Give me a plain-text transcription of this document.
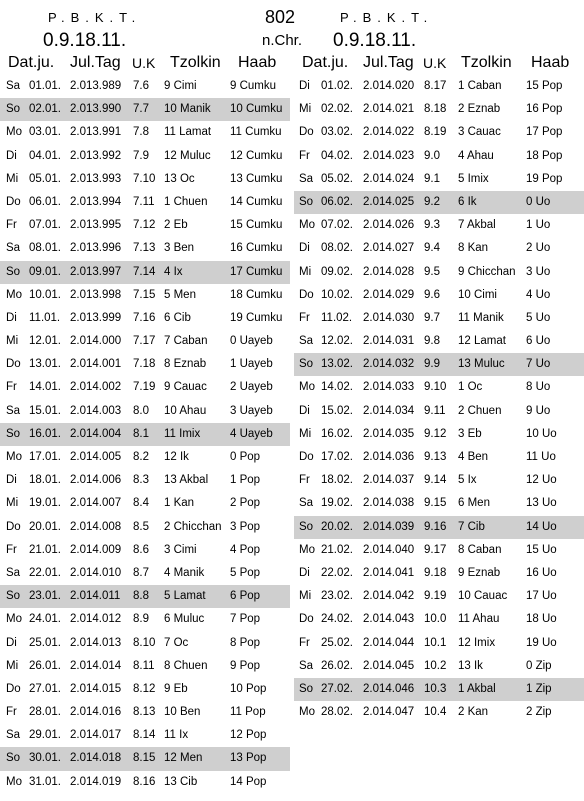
P.B.K.T.
0.9.18.11.
802
n.Chr.
P.B.K.T.
0.9.18.11.
Dat.ju. Jul.Tag U.K Tzolkin Haab Dat.ju. Jul.Tag U.K Tzolkin Haab
Sa 01.01. 2.013.989 7.6 9 Cimi	9 Cumku
So 02.01. 2.013.990 7.7 10 Manik	10 Cumku
Mo 03.01. 2.013.991 7.8 11 Lamat	11 Cumku
Di 04.01. 2.013.992 7.9 12 Muluc	12 Cumku
Mi 05.01. 2.013.993 7.10 13 Oc	13 Cumku
Do 06.01. 2.013.994 7.11 1 Chuen	14 Cumku
Fr 07.01. 2.013.995 7.12 2 Eb	15 Cumku
Sa 08.01. 2.013.996 7.13 3 Ben	16 Cumku
So 09.01. 2.013.997 7.14 4 Ix	17 Cumku
Mo 10.01. 2.013.998 7.15 5 Men	18 Cumku
Di 11.01. 2.013.999 7.16 6 Cib	19 Cumku
Mi 12.01. 2.014.000 7.17 7 Caban	0 Uayeb
Do 13.01. 2.014.001 7.18 8 Eznab	1 Uayeb
Fr 14.01. 2.014.002 7.19 9 Cauac	2 Uayeb
Sa 15.01. 2.014.003 8.0 10 Ahau	3 Uayeb
So 16.01. 2.014.004 8.1 11 Imix	4 Uayeb
Mo 17.01. 2.014.005 8.2 12 Ik	0 Pop
Di 18.01. 2.014.006 8.3 13 Akbal	1 Pop
Mi 19.01. 2.014.007 8.4 1 Kan	2 Pop
Do 20.01. 2.014.008 8.5 2 Chicchan 3 Pop
Fr 21.01. 2.014.009 8.6 3 Cimi	4 Pop
Sa 22.01. 2.014.010 8.7 4 Manik	5 Pop
So 23.01. 2.014.011 8.8 5 Lamat	6 Pop
Mo 24.01. 2.014.012 8.9 6 Muluc	7 Pop
Di 25.01. 2.014.013 8.10 7 Oc	8 Pop
Mi 26.01. 2.014.014 8.11 8 Chuen	9 Pop
Do 27.01. 2.014.015 8.12 9 Eb	10 Pop
Fr 28.01. 2.014.016 8.13 10 Ben	11 Pop
Sa 29.01. 2.014.017 8.14 11 Ix	12 Pop
So 30.01. 2.014.018 8.15 12 Men	13 Pop
Mo 31.01. 2.014.019 8.16 13 Cib	14 Pop
Di 01.02. 2.014.020 8.17 1 Caban	15 Pop
Mi 02.02. 2.014.021 8.18 2 Eznab	16 Pop
Do 03.02. 2.014.022 8.19 3 Cauac	17 Pop
Fr 04.02. 2.014.023 9.0 4 Ahau	18 Pop
Sa 05.02. 2.014.024 9.1 5 Imix	19 Pop
So 06.02. 2.014.025 9.2 6 Ik	0 Uo
Mo 07.02. 2.014.026 9.3 7 Akbal	1 Uo
Di 08.02. 2.014.027 9.4 8 Kan	2 Uo
Mi 09.02. 2.014.028 9.5 9 Chicchan 3 Uo
Do 10.02. 2.014.029 9.6 10 Cimi	4 Uo
Fr 11.02. 2.014.030 9.7 11 Manik	5 Uo
Sa 12.02. 2.014.031 9.8 12 Lamat	6 Uo
So 13.02. 2.014.032 9.9 13 Muluc	7 Uo
Mo 14.02. 2.014.033 9.10 1 Oc	8 Uo
Di 15.02. 2.014.034 9.11 2 Chuen	9 Uo
Mi 16.02. 2.014.035 9.12 3 Eb	10 Uo
Do 17.02. 2.014.036 9.13 4 Ben	11 Uo
Fr 18.02. 2.014.037 9.14 5 Ix	12 Uo
Sa 19.02. 2.014.038 9.15 6 Men	13 Uo
So 20.02. 2.014.039 9.16 7 Cib	14 Uo
Mo 21.02. 2.014.040 9.17 8 Caban	15 Uo
Di 22.02. 2.014.041 9.18 9 Eznab	16 Uo
Mi 23.02. 2.014.042 9.19 10 Cauac	17 Uo
Do 24.02. 2.014.043 10.0 11 Ahau	18 Uo
Fr 25.02. 2.014.044 10.1 12 Imix	19 Uo
Sa 26.02. 2.014.045 10.2 13 Ik	0 Zip
So 27.02. 2.014.046 10.3 1 Akbal	1 Zip
Mo 28.02. 2.014.047 10.4 2 Kan	2 Zip
